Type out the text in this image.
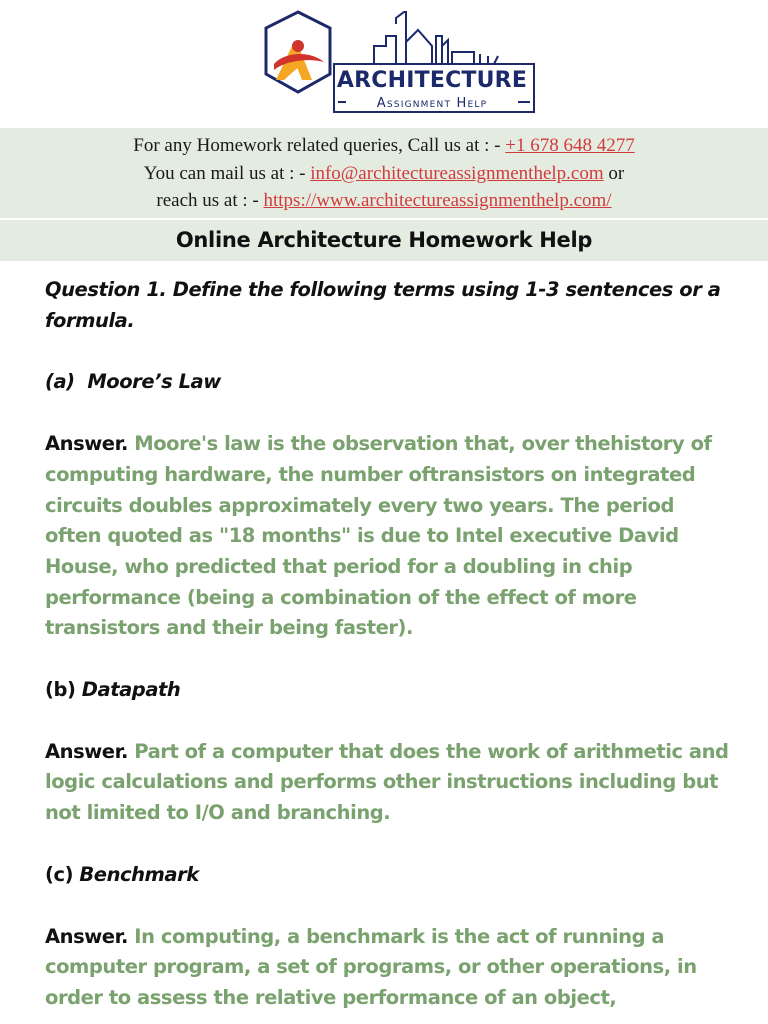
ARCHITECTURE
Assignment Help
For any Homework related queries, Call us at : - +1 678 648 4277
You can mail us at : - info@architectureassignmenthelp.com or
reach us at : - https://www.architectureassignmenthelp.com/
Online Architecture Homework Help

Question 1. Define the following terms using 1-3 sentences or a formula.

(a) Moore’s Law

Answer. Moore's law is the observation that, over thehistory of computing hardware, the number oftransistors on integrated circuits doubles approximately every two years. The period often quoted as "18 months" is due to Intel executive David House, who predicted that period for a doubling in chip performance (being a combination of the effect of more transistors and their being faster).

(b) Datapath

Answer. Part of a computer that does the work of arithmetic and logic calculations and performs other instructions including but not limited to I/O and branching.

(c) Benchmark

Answer. In computing, a benchmark is the act of running a computer program, a set of programs, or other operations, in order to assess the relative performance of an object,
